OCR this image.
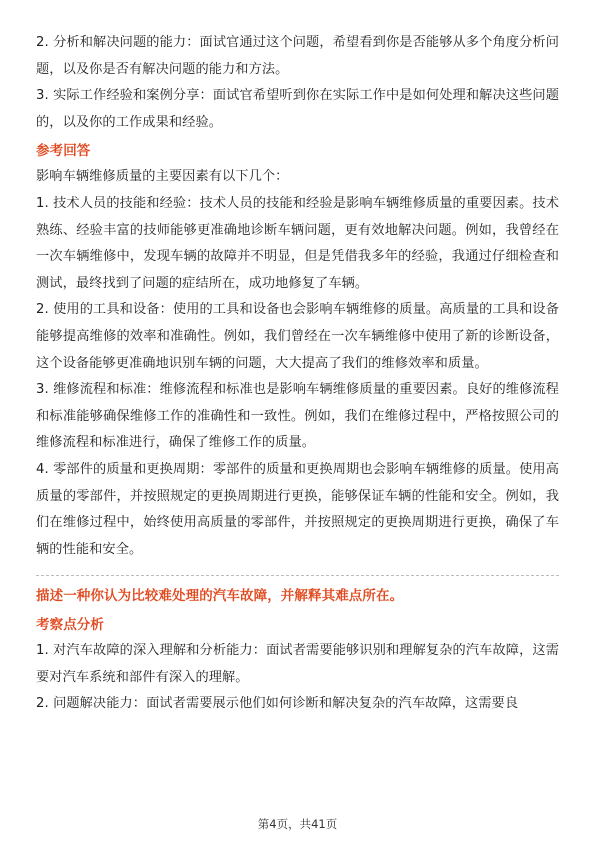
2. 分析和解决问题的能力：面试官通过这个问题，希望看到你是否能够从多个角度分析问题，以及你是否有解决问题的能力和方法。

3. 实际工作经验和案例分享：面试官希望听到你在实际工作中是如何处理和解决这些问题的，以及你的工作成果和经验。

参考回答

影响车辆维修质量的主要因素有以下几个：

1. 技术人员的技能和经验：技术人员的技能和经验是影响车辆维修质量的重要因素。技术熟练、经验丰富的技师能够更准确地诊断车辆问题，更有效地解决问题。例如，我曾经在一次车辆维修中，发现车辆的故障并不明显，但是凭借我多年的经验，我通过仔细检查和测试，最终找到了问题的症结所在，成功地修复了车辆。

2. 使用的工具和设备：使用的工具和设备也会影响车辆维修的质量。高质量的工具和设备能够提高维修的效率和准确性。例如，我们曾经在一次车辆维修中使用了新的诊断设备，这个设备能够更准确地识别车辆的问题，大大提高了我们的维修效率和质量。

3. 维修流程和标准：维修流程和标准也是影响车辆维修质量的重要因素。良好的维修流程和标准能够确保维修工作的准确性和一致性。例如，我们在维修过程中，严格按照公司的维修流程和标准进行，确保了维修工作的质量。

4. 零部件的质量和更换周期：零部件的质量和更换周期也会影响车辆维修的质量。使用高质量的零部件，并按照规定的更换周期进行更换，能够保证车辆的性能和安全。例如，我们在维修过程中，始终使用高质量的零部件，并按照规定的更换周期进行更换，确保了车辆的性能和安全。

描述一种你认为比较难处理的汽车故障，并解释其难点所在。

考察点分析

1. 对汽车故障的深入理解和分析能力：面试者需要能够识别和理解复杂的汽车故障，这需要对汽车系统和部件有深入的理解。

2. 问题解决能力：面试者需要展示他们如何诊断和解决复杂的汽车故障，这需要良

第4页，共41页
